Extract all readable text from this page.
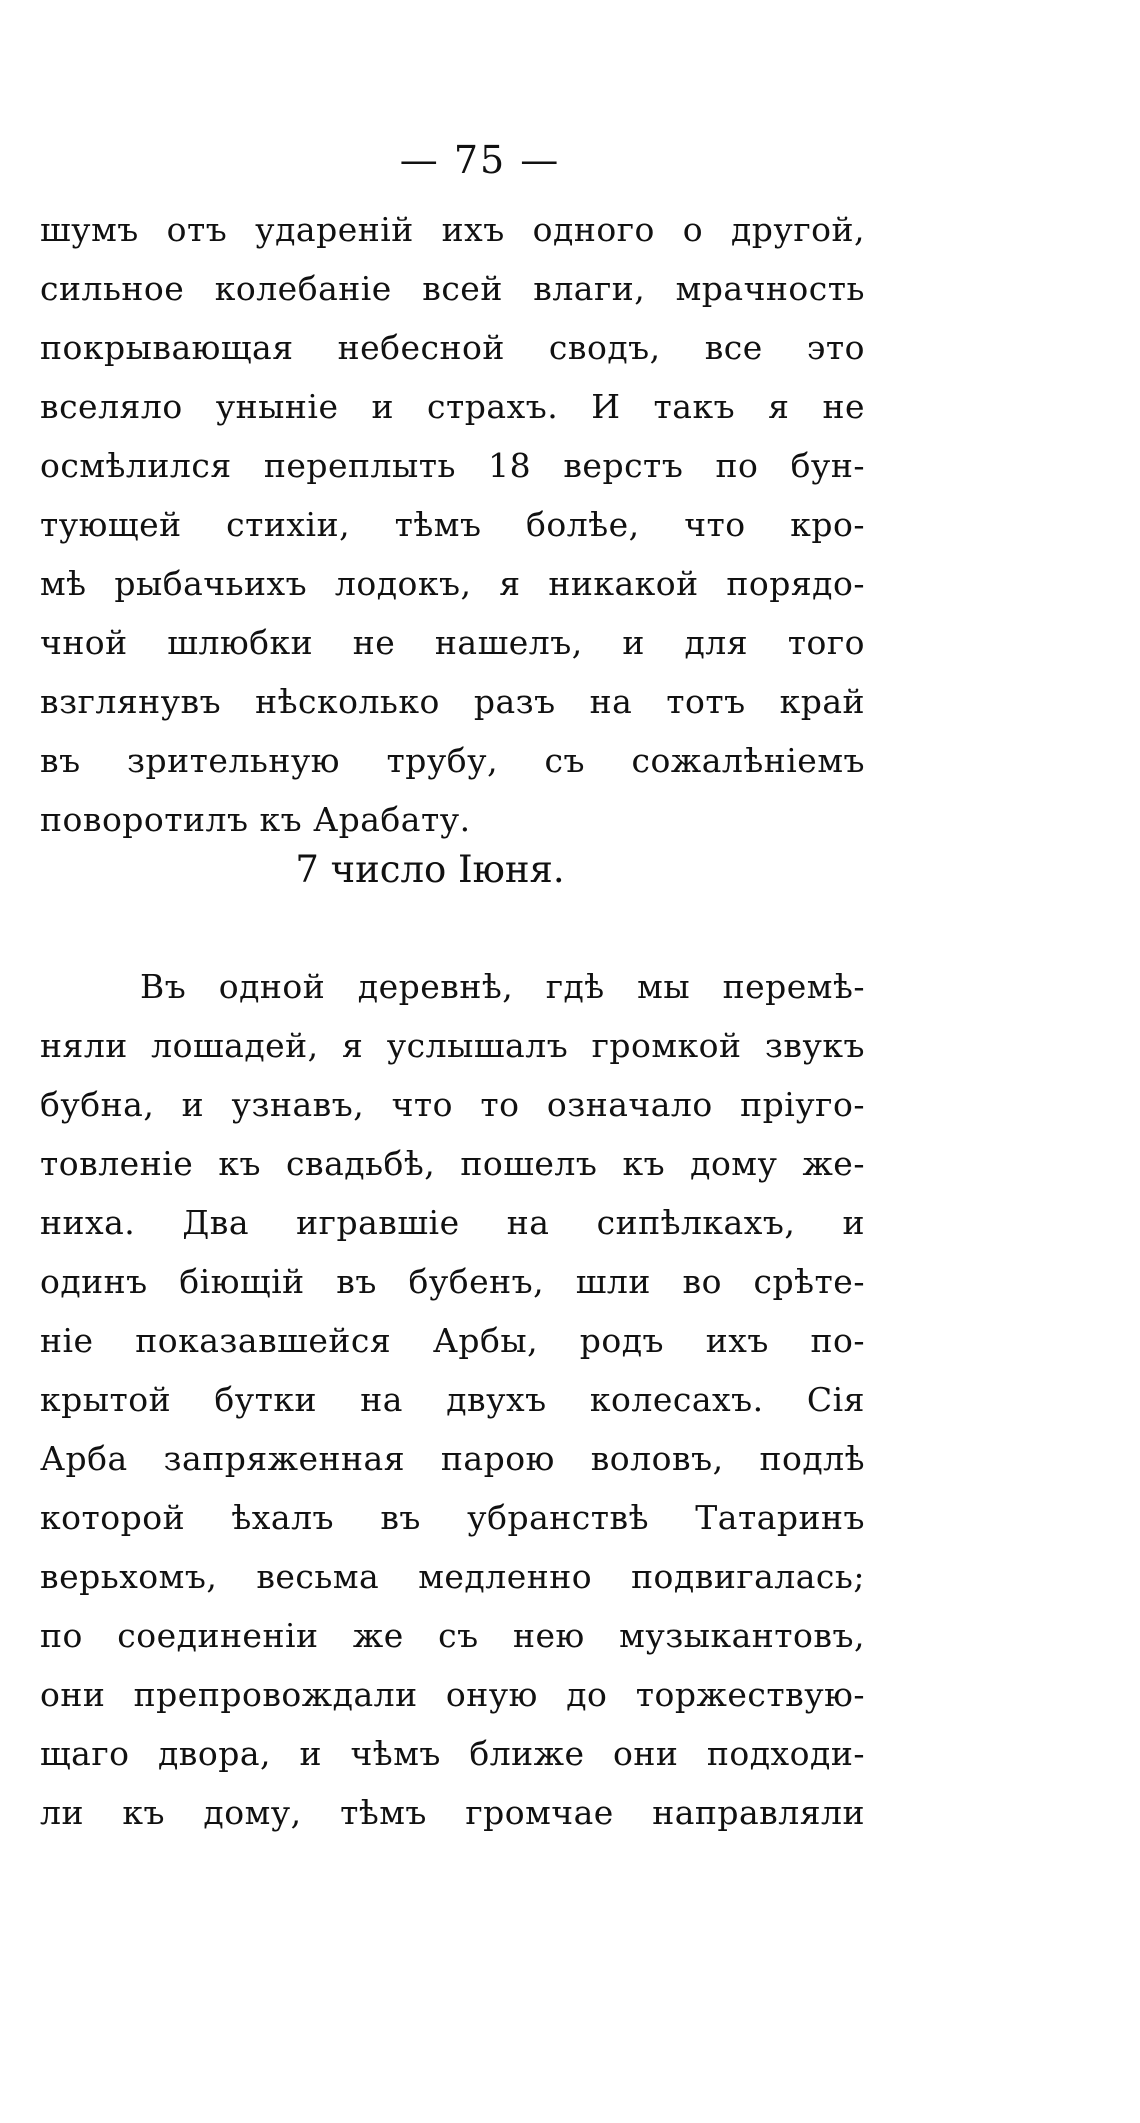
— 75 —
шумъ отъ удареній ихъ одного о другой,
сильное колебаніе всей влаги, мрачность
покрывающая небесной сводъ, все это
вселяло уныніе и страхъ. И такъ я не
осмѣлился переплыть 18 верстъ по бун-
тующей стихіи, тѣмъ болѣе, что кро-
мѣ рыбачьихъ лодокъ, я никакой порядо-
чной шлюбки не нашелъ, и для того
взглянувъ нѣсколько разъ на тотъ край
въ зрительную трубу, съ сожалѣніемъ
поворотилъ къ Арабату.
7 число Іюня.
Въ одной деревнѣ, гдѣ мы перемѣ-
няли лошадей, я услышалъ громкой звукъ
бубна, и узнавъ, что то означало пріуго-
товленіе къ свадьбѣ, пошелъ къ дому же-
ниха. Два игравшіе на сипѣлкахъ, и
одинъ біющій въ бубенъ, шли во срѣте-
ніе показавшейся Арбы, родъ ихъ по-
крытой бутки на двухъ колесахъ. Сія
Арба запряженная парою воловъ, подлѣ
которой ѣхалъ въ убранствѣ Татаринъ
верьхомъ, весьма медленно подвигалась;
по соединеніи же съ нею музыкантовъ,
они препровождали оную до торжествую-
щаго двора, и чѣмъ ближе они подходи-
ли къ дому, тѣмъ громчае направляли
